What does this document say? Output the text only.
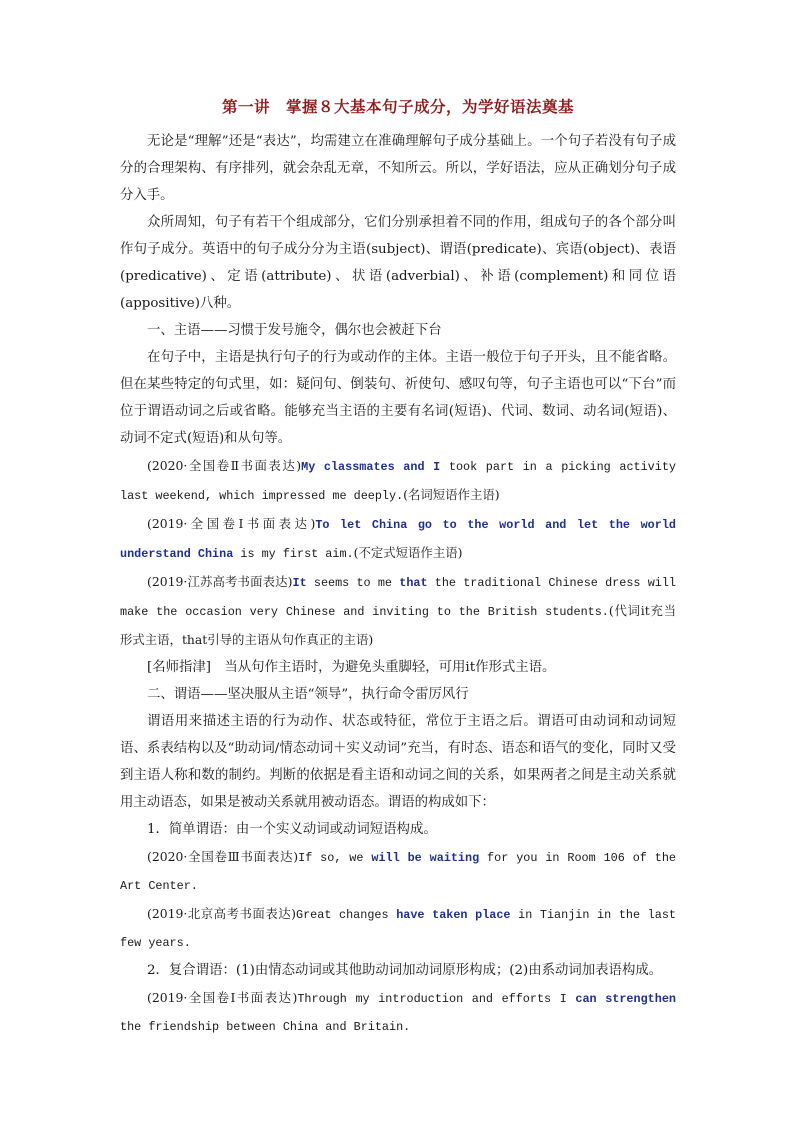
第一讲　掌握８大基本句子成分，为学好语法奠基

无论是“理解”还是“表达”，均需建立在准确理解句子成分基础上。一个句子若没有句子成分的合理架构、有序排列，就会杂乱无章，不知所云。所以，学好语法，应从正确划分句子成分入手。

众所周知，句子有若干个组成部分，它们分别承担着不同的作用，组成句子的各个部分叫作句子成分。英语中的句子成分分为主语(subject)、谓语(predicate)、宾语(object)、表语(predicative)、定语(attribute)、状语(adverbial)、补语(complement)和同位语(appositive)八种。

一、主语——习惯于发号施令，偶尔也会被赶下台

在句子中，主语是执行句子的行为或动作的主体。主语一般位于句子开头，且不能省略。但在某些特定的句式里，如：疑问句、倒装句、祈使句、感叹句等，句子主语也可以“下台”而位于谓语动词之后或省略。能够充当主语的主要有名词(短语)、代词、数词、动名词(短语)、动词不定式(短语)和从句等。

(2020·全国卷Ⅱ书面表达)My classmates and I took part in a picking activity last weekend, which impressed me deeply.(名词短语作主语)

(2019·全国卷Ⅰ书面表达)To let China go to the world and let the world understand China is my first aim.(不定式短语作主语)

(2019·江苏高考书面表达)It seems to me that the traditional Chinese dress will make the occasion very Chinese and inviting to the British students.(代词it充当形式主语，that引导的主语从句作真正的主语)

[名师指津]　当从句作主语时，为避免头重脚轻，可用it作形式主语。

二、谓语——坚决服从主语“领导”，执行命令雷厉风行

谓语用来描述主语的行为动作、状态或特征，常位于主语之后。谓语可由动词和动词短语、系表结构以及“助动词/情态动词＋实义动词”充当，有时态、语态和语气的变化，同时又受到主语人称和数的制约。判断的依据是看主语和动词之间的关系，如果两者之间是主动关系就用主动语态，如果是被动关系就用被动语态。谓语的构成如下：

1．简单谓语：由一个实义动词或动词短语构成。

(2020·全国卷Ⅲ书面表达)If so, we will be waiting for you in Room 106 of the Art Center.

(2019·北京高考书面表达)Great changes have taken place in Tianjin in the last few years.

2．复合谓语：(1)由情态动词或其他助动词加动词原形构成；(2)由系动词加表语构成。

(2019·全国卷Ⅰ书面表达)Through my introduction and efforts I can strengthen the friendship between China and Britain.
